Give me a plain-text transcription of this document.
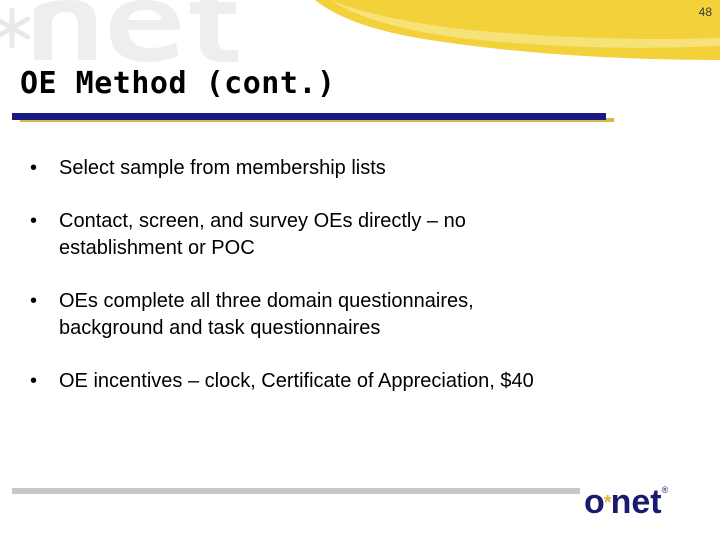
48
OE Method (cont.)
• Select sample from membership lists
• Contact, screen, and survey OEs directly – no
establishment or POC
• OEs complete all three domain questionnaires,
background and task questionnaires
• OE incentives – clock, Certificate of Appreciation, $40
o*net®
